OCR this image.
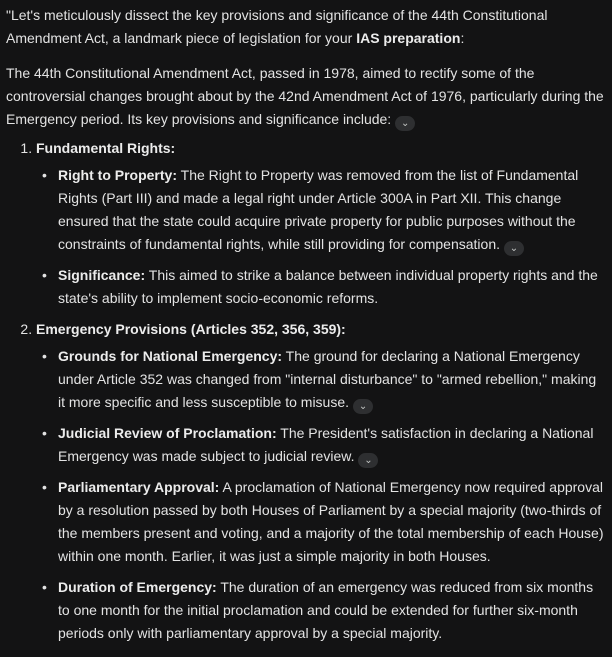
"Let's meticulously dissect the key provisions and significance of the 44th Constitutional Amendment Act, a landmark piece of legislation for your IAS preparation:

The 44th Constitutional Amendment Act, passed in 1978, aimed to rectify some of the controversial changes brought about by the 42nd Amendment Act of 1976, particularly during the Emergency period. Its key provisions and significance include: ⌄

1. Fundamental Rights:
• Right to Property: The Right to Property was removed from the list of Fundamental Rights (Part III) and made a legal right under Article 300A in Part XII. This change ensured that the state could acquire private property for public purposes without the constraints of fundamental rights, while still providing for compensation. ⌄
• Significance: This aimed to strike a balance between individual property rights and the state's ability to implement socio-economic reforms.
2. Emergency Provisions (Articles 352, 356, 359):
• Grounds for National Emergency: The ground for declaring a National Emergency under Article 352 was changed from "internal disturbance" to "armed rebellion," making it more specific and less susceptible to misuse. ⌄
• Judicial Review of Proclamation: The President's satisfaction in declaring a National Emergency was made subject to judicial review. ⌄
• Parliamentary Approval: A proclamation of National Emergency now required approval by a resolution passed by both Houses of Parliament by a special majority (two-thirds of the members present and voting, and a majority of the total membership of each House) within one month. Earlier, it was just a simple majority in both Houses.
• Duration of Emergency: The duration of an emergency was reduced from six months to one month for the initial proclamation and could be extended for further six-month periods only with parliamentary approval by a special majority.
